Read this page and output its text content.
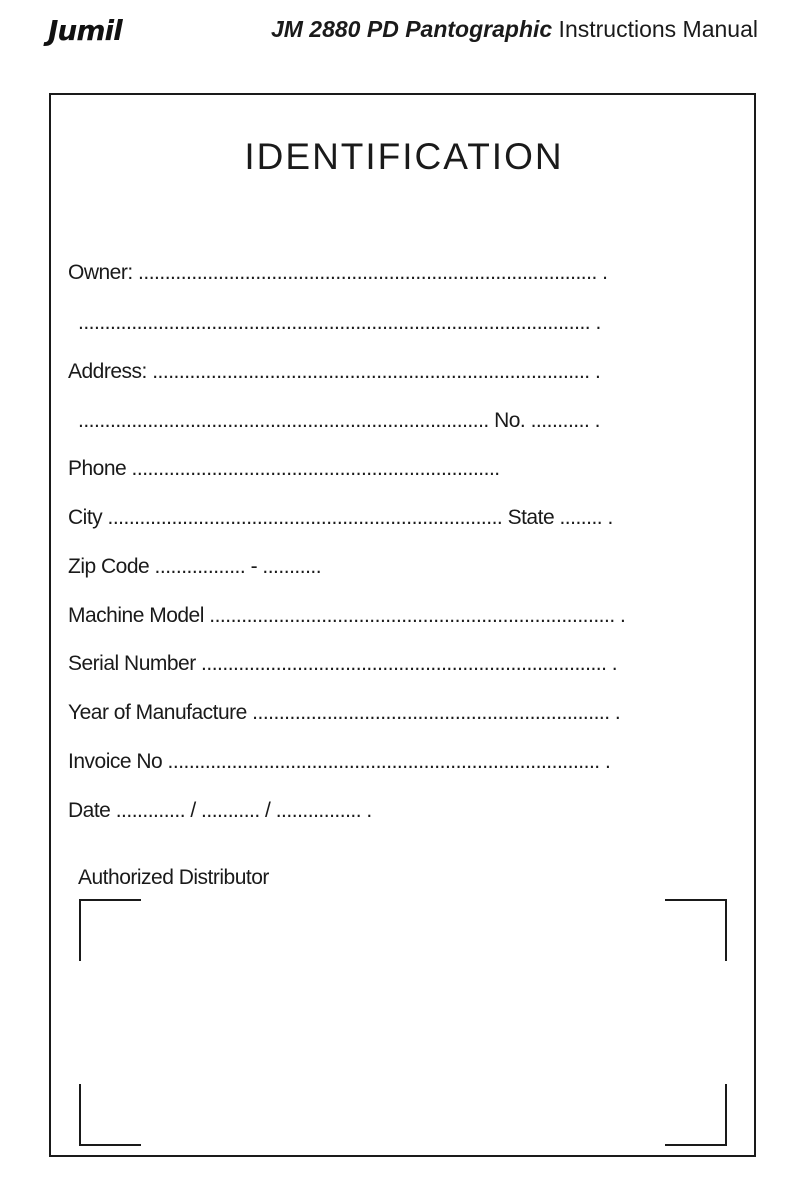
Jumil	JM 2880 PD Pantographic Instructions Manual
IDENTIFICATION
Owner: ...................................................................................... .
................................................................................................ .
Address: .................................................................................. .
............................................................................. No. ........... .
Phone .....................................................................
City .......................................................................... State ........ .
Zip Code ................. - ...........
Machine Model ............................................................................ .
Serial Number ............................................................................ .
Year of Manufacture ................................................................... .
Invoice No ................................................................................. .
Date ............. / ........... / ................ .
Authorized Distributor
